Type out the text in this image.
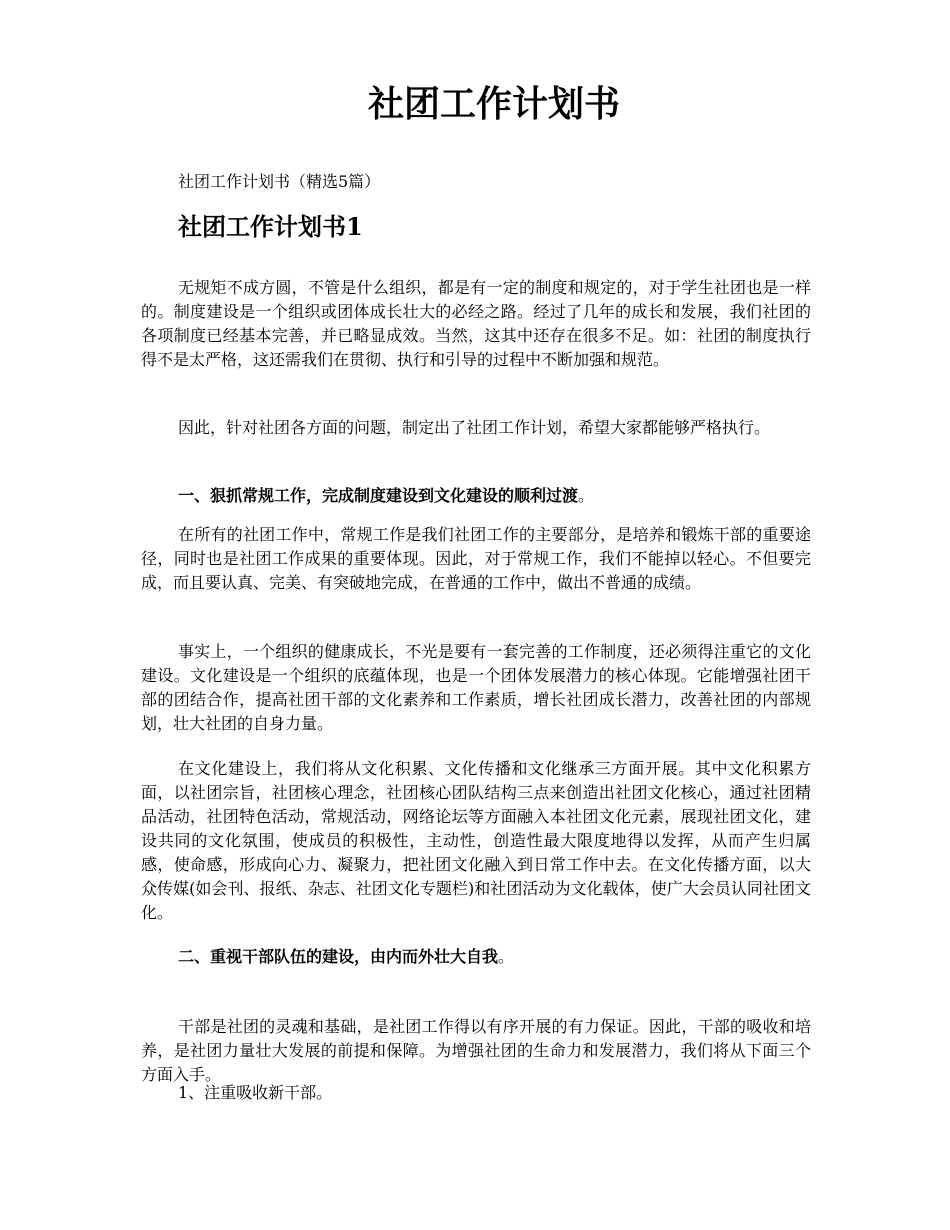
社团工作计划书
社团工作计划书（精选5篇）
社团工作计划书1

无规矩不成方圆，不管是什么组织，都是有一定的制度和规定的，对于学生社团也是一样的。制度建设是一个组织或团体成长壮大的必经之路。经过了几年的成长和发展，我们社团的各项制度已经基本完善，并已略显成效。当然，这其中还存在很多不足。如：社团的制度执行得不是太严格，这还需我们在贯彻、执行和引导的过程中不断加强和规范。

因此，针对社团各方面的问题，制定出了社团工作计划，希望大家都能够严格执行。

一、狠抓常规工作，完成制度建设到文化建设的顺利过渡。

在所有的社团工作中，常规工作是我们社团工作的主要部分，是培养和锻炼干部的重要途径，同时也是社团工作成果的重要体现。因此，对于常规工作，我们不能掉以轻心。不但要完成，而且要认真、完美、有突破地完成，在普通的工作中，做出不普通的成绩。

事实上，一个组织的健康成长，不光是要有一套完善的工作制度，还必须得注重它的文化建设。文化建设是一个组织的底蕴体现，也是一个团体发展潜力的核心体现。它能增强社团干部的团结合作，提高社团干部的文化素养和工作素质，增长社团成长潜力，改善社团的内部规划，壮大社团的自身力量。

在文化建设上，我们将从文化积累、文化传播和文化继承三方面开展。其中文化积累方面，以社团宗旨，社团核心理念，社团核心团队结构三点来创造出社团文化核心，通过社团精品活动，社团特色活动，常规活动，网络论坛等方面融入本社团文化元素，展现社团文化，建设共同的文化氛围，使成员的积极性，主动性，创造性最大限度地得以发挥，从而产生归属感，使命感，形成向心力、凝聚力，把社团文化融入到日常工作中去。在文化传播方面，以大众传媒(如会刊、报纸、杂志、社团文化专题栏)和社团活动为文化载体，使广大会员认同社团文化。

二、重视干部队伍的建设，由内而外壮大自我。

干部是社团的灵魂和基础，是社团工作得以有序开展的有力保证。因此，干部的吸收和培养，是社团力量壮大发展的前提和保障。为增强社团的生命力和发展潜力，我们将从下面三个方面入手。

1、注重吸收新干部。
